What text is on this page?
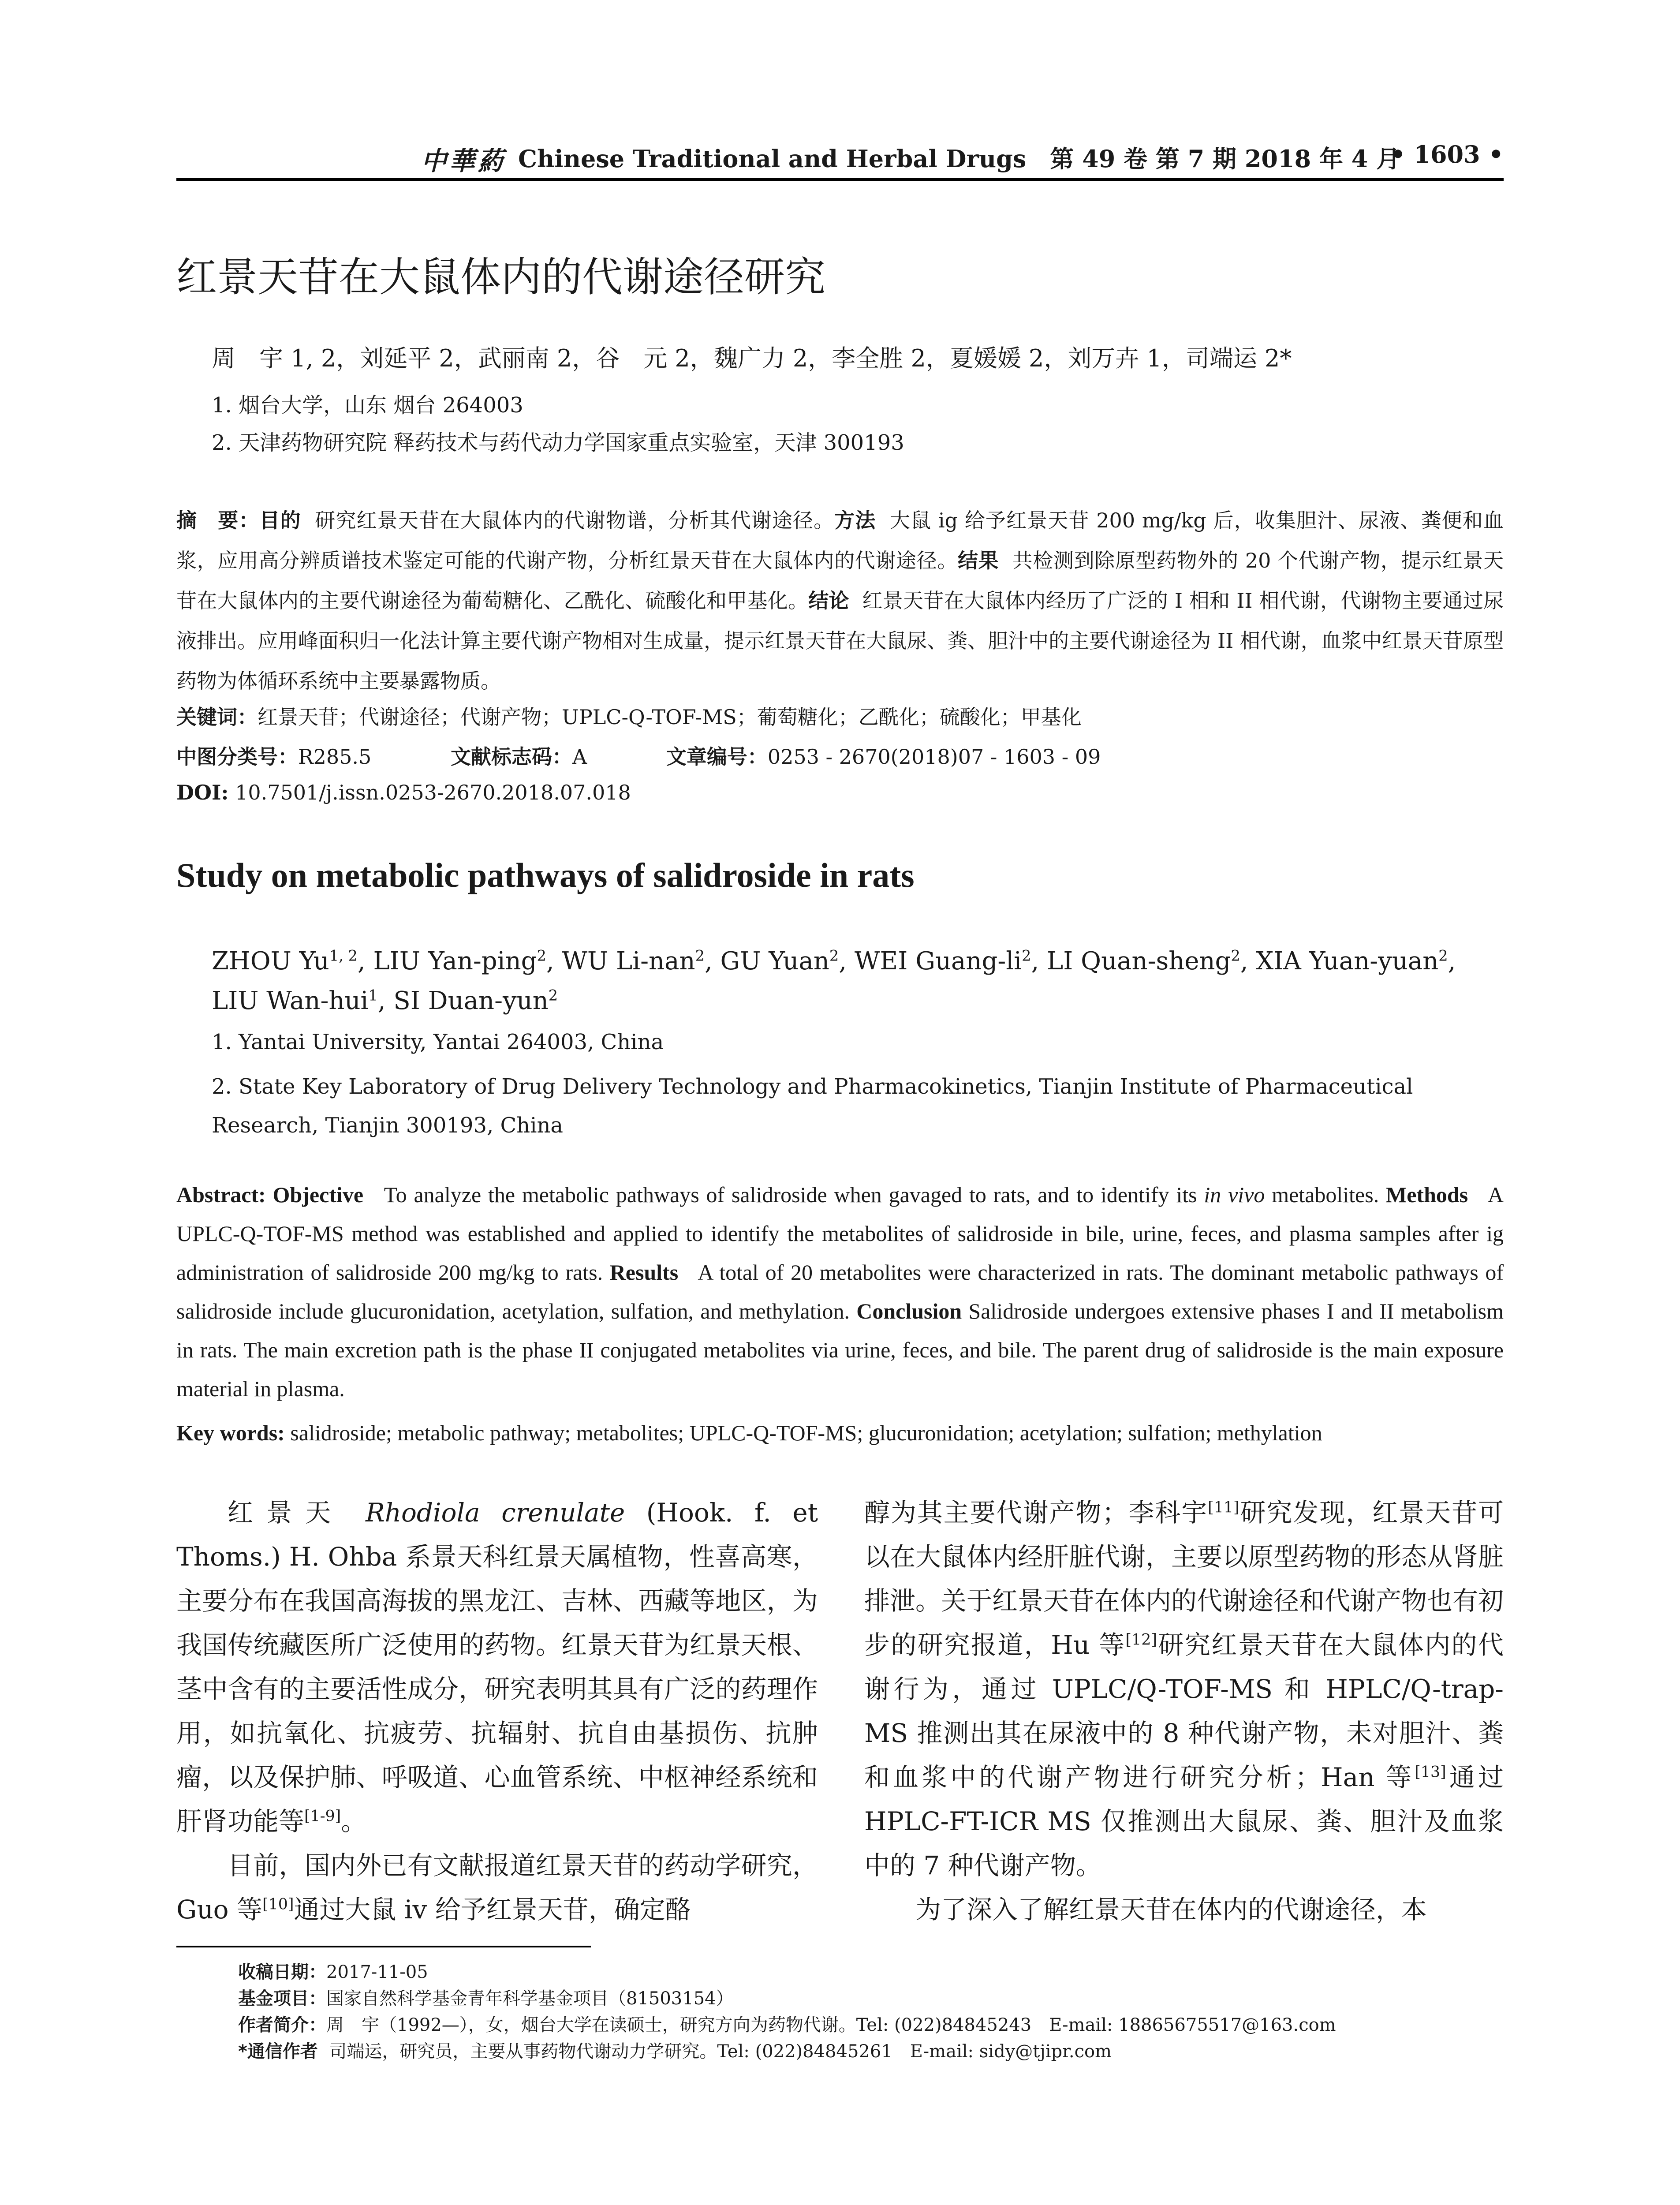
中華葯 Chinese Traditional and Herbal Drugs　第 49 卷 第 7 期 2018 年 4 月
• 1603 •
红景天苷在大鼠体内的代谢途径研究
周　宇 1, 2，刘延平 2，武丽南 2，谷　元 2，魏广力 2，李全胜 2，夏媛媛 2，刘万卉 1，司端运 2*
1. 烟台大学，山东 烟台 264003
2. 天津药物研究院 释药技术与药代动力学国家重点实验室，天津 300193
摘　要：目的 研究红景天苷在大鼠体内的代谢物谱，分析其代谢途径。方法 大鼠 ig 给予红景天苷 200 mg/kg 后，收集胆汁、尿液、粪便和血浆，应用高分辨质谱技术鉴定可能的代谢产物，分析红景天苷在大鼠体内的代谢途径。结果 共检测到除原型药物外的 20 个代谢产物，提示红景天苷在大鼠体内的主要代谢途径为葡萄糖化、乙酰化、硫酸化和甲基化。结论 红景天苷在大鼠体内经历了广泛的 I 相和 II 相代谢，代谢物主要通过尿液排出。应用峰面积归一化法计算主要代谢产物相对生成量，提示红景天苷在大鼠尿、粪、胆汁中的主要代谢途径为 II 相代谢，血浆中红景天苷原型药物为体循环系统中主要暴露物质。
关键词：红景天苷；代谢途径；代谢产物；UPLC-Q-TOF-MS；葡萄糖化；乙酰化；硫酸化；甲基化
中图分类号：R285.5	文献标志码：A	文章编号：0253 - 2670(2018)07 - 1603 - 09
DOI: 10.7501/j.issn.0253-2670.2018.07.018
Study on metabolic pathways of salidroside in rats
ZHOU Yu$^{1, 2}$, LIU Yan-ping$^2$, WU Li-nan$^2$, GU Yuan$^2$, WEI Guang-$li^2$, LI Quan-sheng$^2$, XIA Yuan-yuan$^2$, LIU Wan-hui$^1$, SI Duan-yun$^2$
1. Yantai University, Yantai 264003, China
2. State Key Laboratory of Drug Delivery Technology and Pharmacokinetics, Tianjin Institute of Pharmaceutical Research, Tianjin 300193, China
Abstract: Objective To analyze the metabolic pathways of salidroside when gavaged to rats, and to identify its in vivo metabolites. Methods A UPLC-Q-TOF-MS method was established and applied to identify the metabolites of salidroside in bile, urine, feces, and plasma samples after ig administration of salidroside 200 mg/kg to rats. Results A total of 20 metabolites were characterized in rats. The dominant metabolic pathways of salidroside include glucuronidation, acetylation, sulfation, and methylation. Conclusion Salidroside undergoes extensive phases I and II metabolism in rats. The main excretion path is the phase II conjugated metabolites via urine, feces, and bile. The parent drug of salidroside is the main exposure material in plasma.
Key words: salidroside; metabolic pathway; metabolites; UPLC-Q-TOF-MS; glucuronidation; acetylation; sulfation; methylation
红景天 Rhodiola crenulate (Hook. f. et Thoms.) H. Ohba 系景天科红景天属植物，性喜高寒，主要分布在我国高海拔的黑龙江、吉林、西藏等地区，为我国传统藏医所广泛使用的药物。红景天苷为红景天根、茎中含有的主要活性成分，研究表明其具有广泛的药理作用，如抗氧化、抗疲劳、抗辐射、抗自由基损伤、抗肿瘤，以及保护肺、呼吸道、心血管系统、中枢神经系统和肝肾功能等[1-9]。
目前，国内外已有文献报道红景天苷的药动学研究，Guo 等[10]通过大鼠 iv 给予红景天苷，确定酪
醇为其主要代谢产物；李科宇[11]研究发现，红景天苷可以在大鼠体内经肝脏代谢，主要以原型药物的形态从肾脏排泄。关于红景天苷在体内的代谢途径和代谢产物也有初步的研究报道，Hu 等[12]研究红景天苷在大鼠体内的代谢行为，通过 UPLC/Q-TOF-MS 和 HPLC/Q-trap-MS 推测出其在尿液中的 8 种代谢产物，未对胆汁、粪和血浆中的代谢产物进行研究分析；Han 等[13]通过 HPLC-FT-ICR MS 仅推测出大鼠尿、粪、胆汁及血浆中的 7 种代谢产物。
为了深入了解红景天苷在体内的代谢途径，本
收稿日期：2017-11-05
基金项目：国家自然科学基金青年科学基金项目（81503154）
作者简介：周　宇（1992—），女，烟台大学在读硕士，研究方向为药物代谢。Tel: (022)84845243　E-mail: 18865675517@163.com
*通信作者 司端运，研究员，主要从事药物代谢动力学研究。Tel: (022)84845261　E-mail: sidy@tjipr.com
